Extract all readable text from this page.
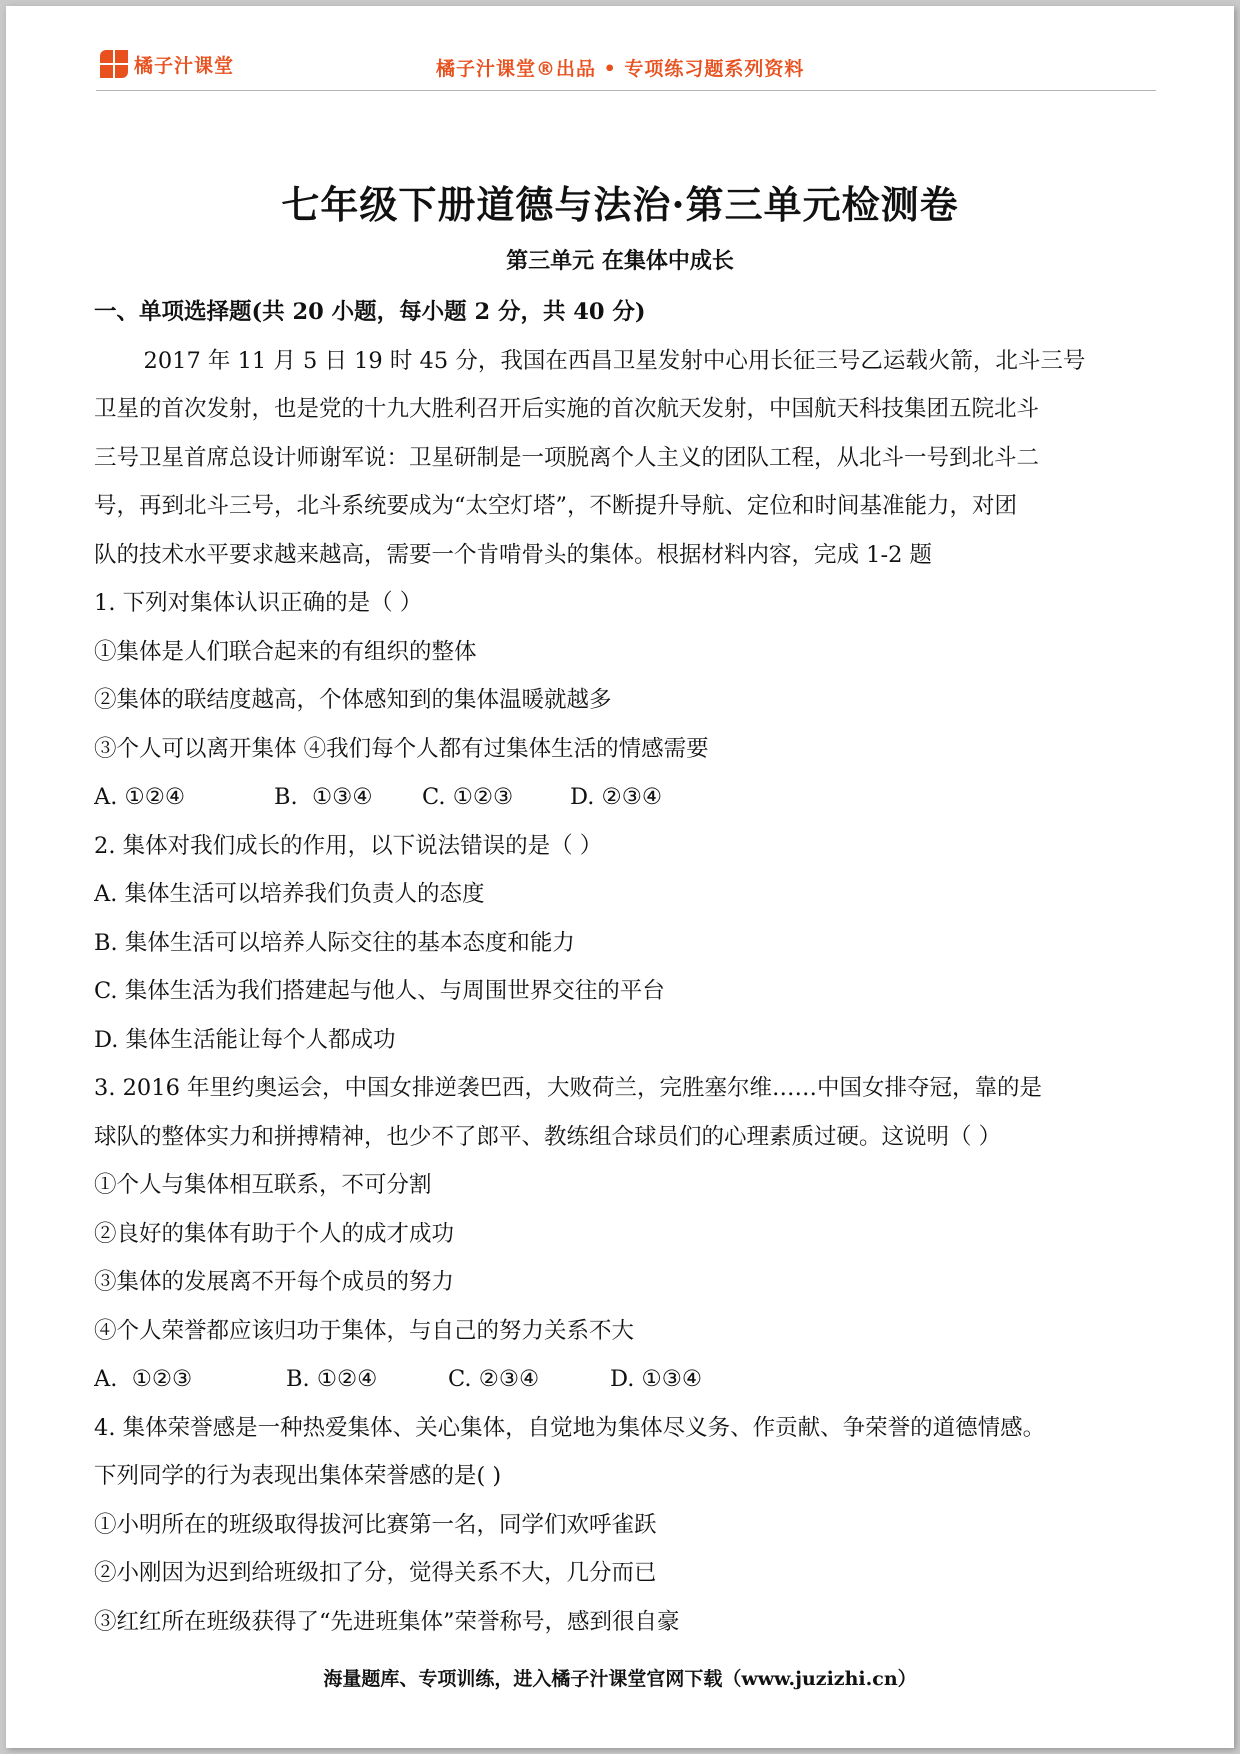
橘子汁课堂	橘子汁课堂®出品 • 专项练习题系列资料
七年级下册道德与法治·第三单元检测卷
第三单元 在集体中成长
一、单项选择题(共 20 小题，每小题 2 分，共 40 分)
2017 年 11 月 5 日 19 时 45 分，我国在西昌卫星发射中心用长征三号乙运载火箭，北斗三号
卫星的首次发射，也是党的十九大胜利召开后实施的首次航天发射，中国航天科技集团五院北斗
三号卫星首席总设计师谢军说：卫星研制是一项脱离个人主义的团队工程，从北斗一号到北斗二
号，再到北斗三号，北斗系统要成为“太空灯塔”，不断提升导航、定位和时间基准能力，对团
队的技术水平要求越来越高，需要一个肯啃骨头的集体。根据材料内容，完成 1-2 题
1. 下列对集体认识正确的是（ ）
①集体是人们联合起来的有组织的整体
②集体的联结度越高，个体感知到的集体温暖就越多
③个人可以离开集体 ④我们每个人都有过集体生活的情感需要
A. ①②④	B.  ①③④	C. ①②③	D. ②③④
2. 集体对我们成长的作用，以下说法错误的是（ ）
A. 集体生活可以培养我们负责人的态度
B. 集体生活可以培养人际交往的基本态度和能力
C. 集体生活为我们搭建起与他人、与周围世界交往的平台
D. 集体生活能让每个人都成功
3. 2016 年里约奥运会，中国女排逆袭巴西，大败荷兰，完胜塞尔维……中国女排夺冠，靠的是
球队的整体实力和拼搏精神，也少不了郎平、教练组合球员们的心理素质过硬。这说明（ ）
①个人与集体相互联系，不可分割
②良好的集体有助于个人的成才成功
③集体的发展离不开每个成员的努力
④个人荣誉都应该归功于集体，与自己的努力关系不大
A.  ①②③	B. ①②④	C. ②③④	D. ①③④
4. 集体荣誉感是一种热爱集体、关心集体，自觉地为集体尽义务、作贡献、争荣誉的道德情感。
下列同学的行为表现出集体荣誉感的是( )
①小明所在的班级取得拔河比赛第一名，同学们欢呼雀跃
②小刚因为迟到给班级扣了分，觉得关系不大，几分而已
③红红所在班级获得了“先进班集体”荣誉称号，感到很自豪
海量题库、专项训练，进入橘子汁课堂官网下载（www.juzizhi.cn）
